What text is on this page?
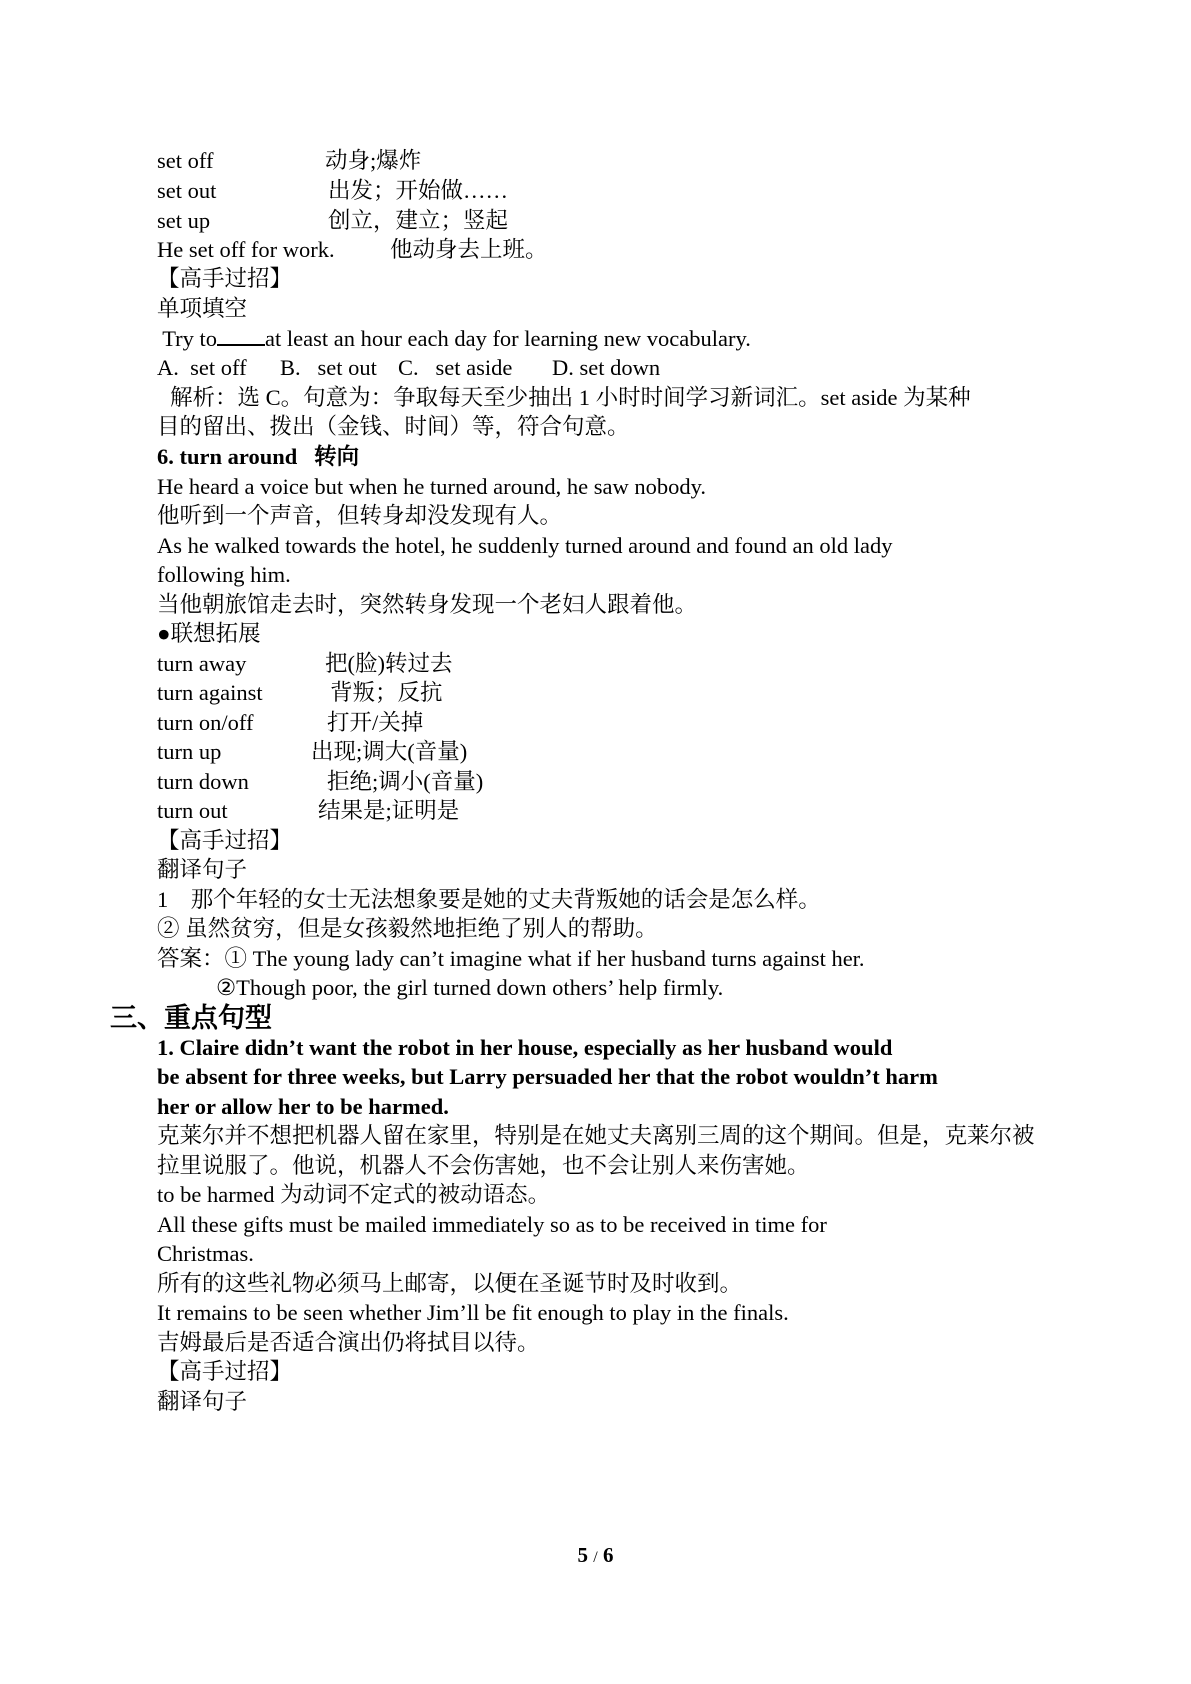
set off	动身;爆炸
set out	出发；开始做……
set up	创立，建立；竖起
He set off for work. 他动身去上班。
【高手过招】
单项填空
Try to at least an hour each day for learning new vocabulary.
A.  set off B.   set out C.   set aside D. set down
解析：选 C。句意为：争取每天至少抽出 1 小时时间学习新词汇。set aside 为某种
目的留出、拨出（金钱、时间）等，符合句意。
6. turn around   转向
He heard a voice but when he turned around, he saw nobody.
他听到一个声音，但转身却没发现有人。
As he walked towards the hotel, he suddenly turned around and found an old lady
following him.
当他朝旅馆走去时，突然转身发现一个老妇人跟着他。
●联想拓展
turn away	把(脸)转过去
turn against	背叛；反抗
turn on/off	打开/关掉
turn up	出现;调大(音量)
turn down	拒绝;调小(音量)
turn out	结果是;证明是
【高手过招】
翻译句子
1    那个年轻的女士无法想象要是她的丈夫背叛她的话会是怎么样。
② 虽然贫穷，但是女孩毅然地拒绝了别人的帮助。
答案：① The young lady can’t imagine what if her husband turns against her.
②Though poor, the girl turned down others’ help firmly.
三、重点句型
1. Claire didn’t want the robot in her house, especially as her husband would
be absent for three weeks, but Larry persuaded her that the robot wouldn’t harm
her or allow her to be harmed.
克莱尔并不想把机器人留在家里，特别是在她丈夫离别三周的这个期间。但是，克莱尔被
拉里说服了。他说，机器人不会伤害她，也不会让别人来伤害她。
to be harmed 为动词不定式的被动语态。
All these gifts must be mailed immediately so as to be received in time for
Christmas.
所有的这些礼物必须马上邮寄，以便在圣诞节时及时收到。
It remains to be seen whether Jim’ll be fit enough to play in the finals.
吉姆最后是否适合演出仍将拭目以待。
【高手过招】
翻译句子
5 / 6
